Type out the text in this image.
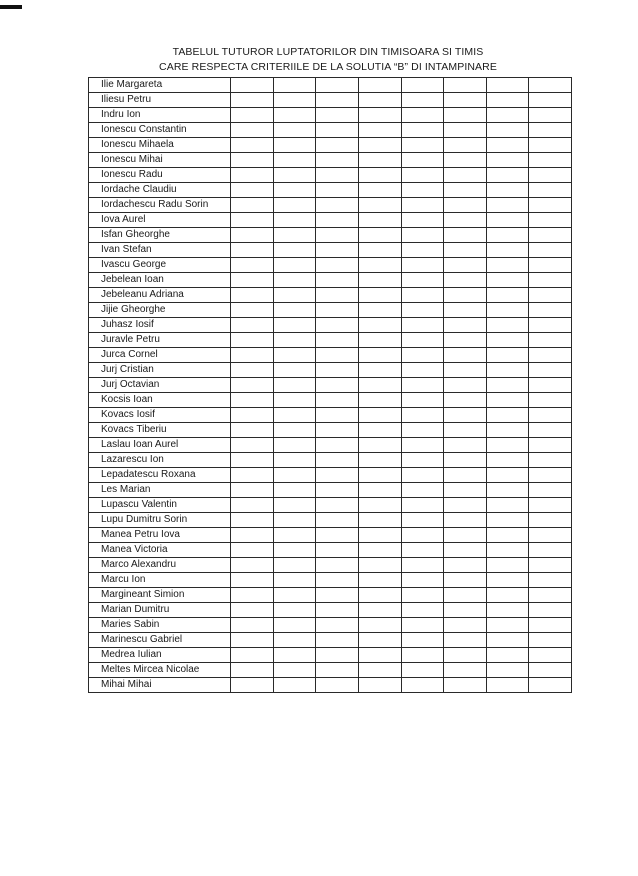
TABELUL TUTUROR LUPTATORILOR DIN TIMISOARA SI TIMIS
CARE RESPECTA CRITERIILE DE LA SOLUTIA “B” DI INTAMPINARE
Ilie Margareta								
Iliesu Petru								
Indru Ion								
Ionescu Constantin								
Ionescu Mihaela								
Ionescu Mihai								
Ionescu Radu								
Iordache Claudiu								
Iordachescu Radu Sorin								
Iova Aurel								
Isfan Gheorghe								
Ivan Stefan								
Ivascu George								
Jebelean Ioan								
Jebeleanu Adriana								
Jijie Gheorghe								
Juhasz Iosif								
Juravle Petru								
Jurca Cornel								
Jurj Cristian								
Jurj Octavian								
Kocsis Ioan								
Kovacs Iosif								
Kovacs Tiberiu								
Laslau Ioan Aurel								
Lazarescu Ion								
Lepadatescu Roxana								
Les Marian								
Lupascu Valentin								
Lupu Dumitru Sorin								
Manea Petru Iova								
Manea Victoria								
Marco Alexandru								
Marcu Ion								
Margineant Simion								
Marian Dumitru								
Maries Sabin								
Marinescu Gabriel								
Medrea Iulian								
Meltes Mircea Nicolae								
Mihai Mihai								
